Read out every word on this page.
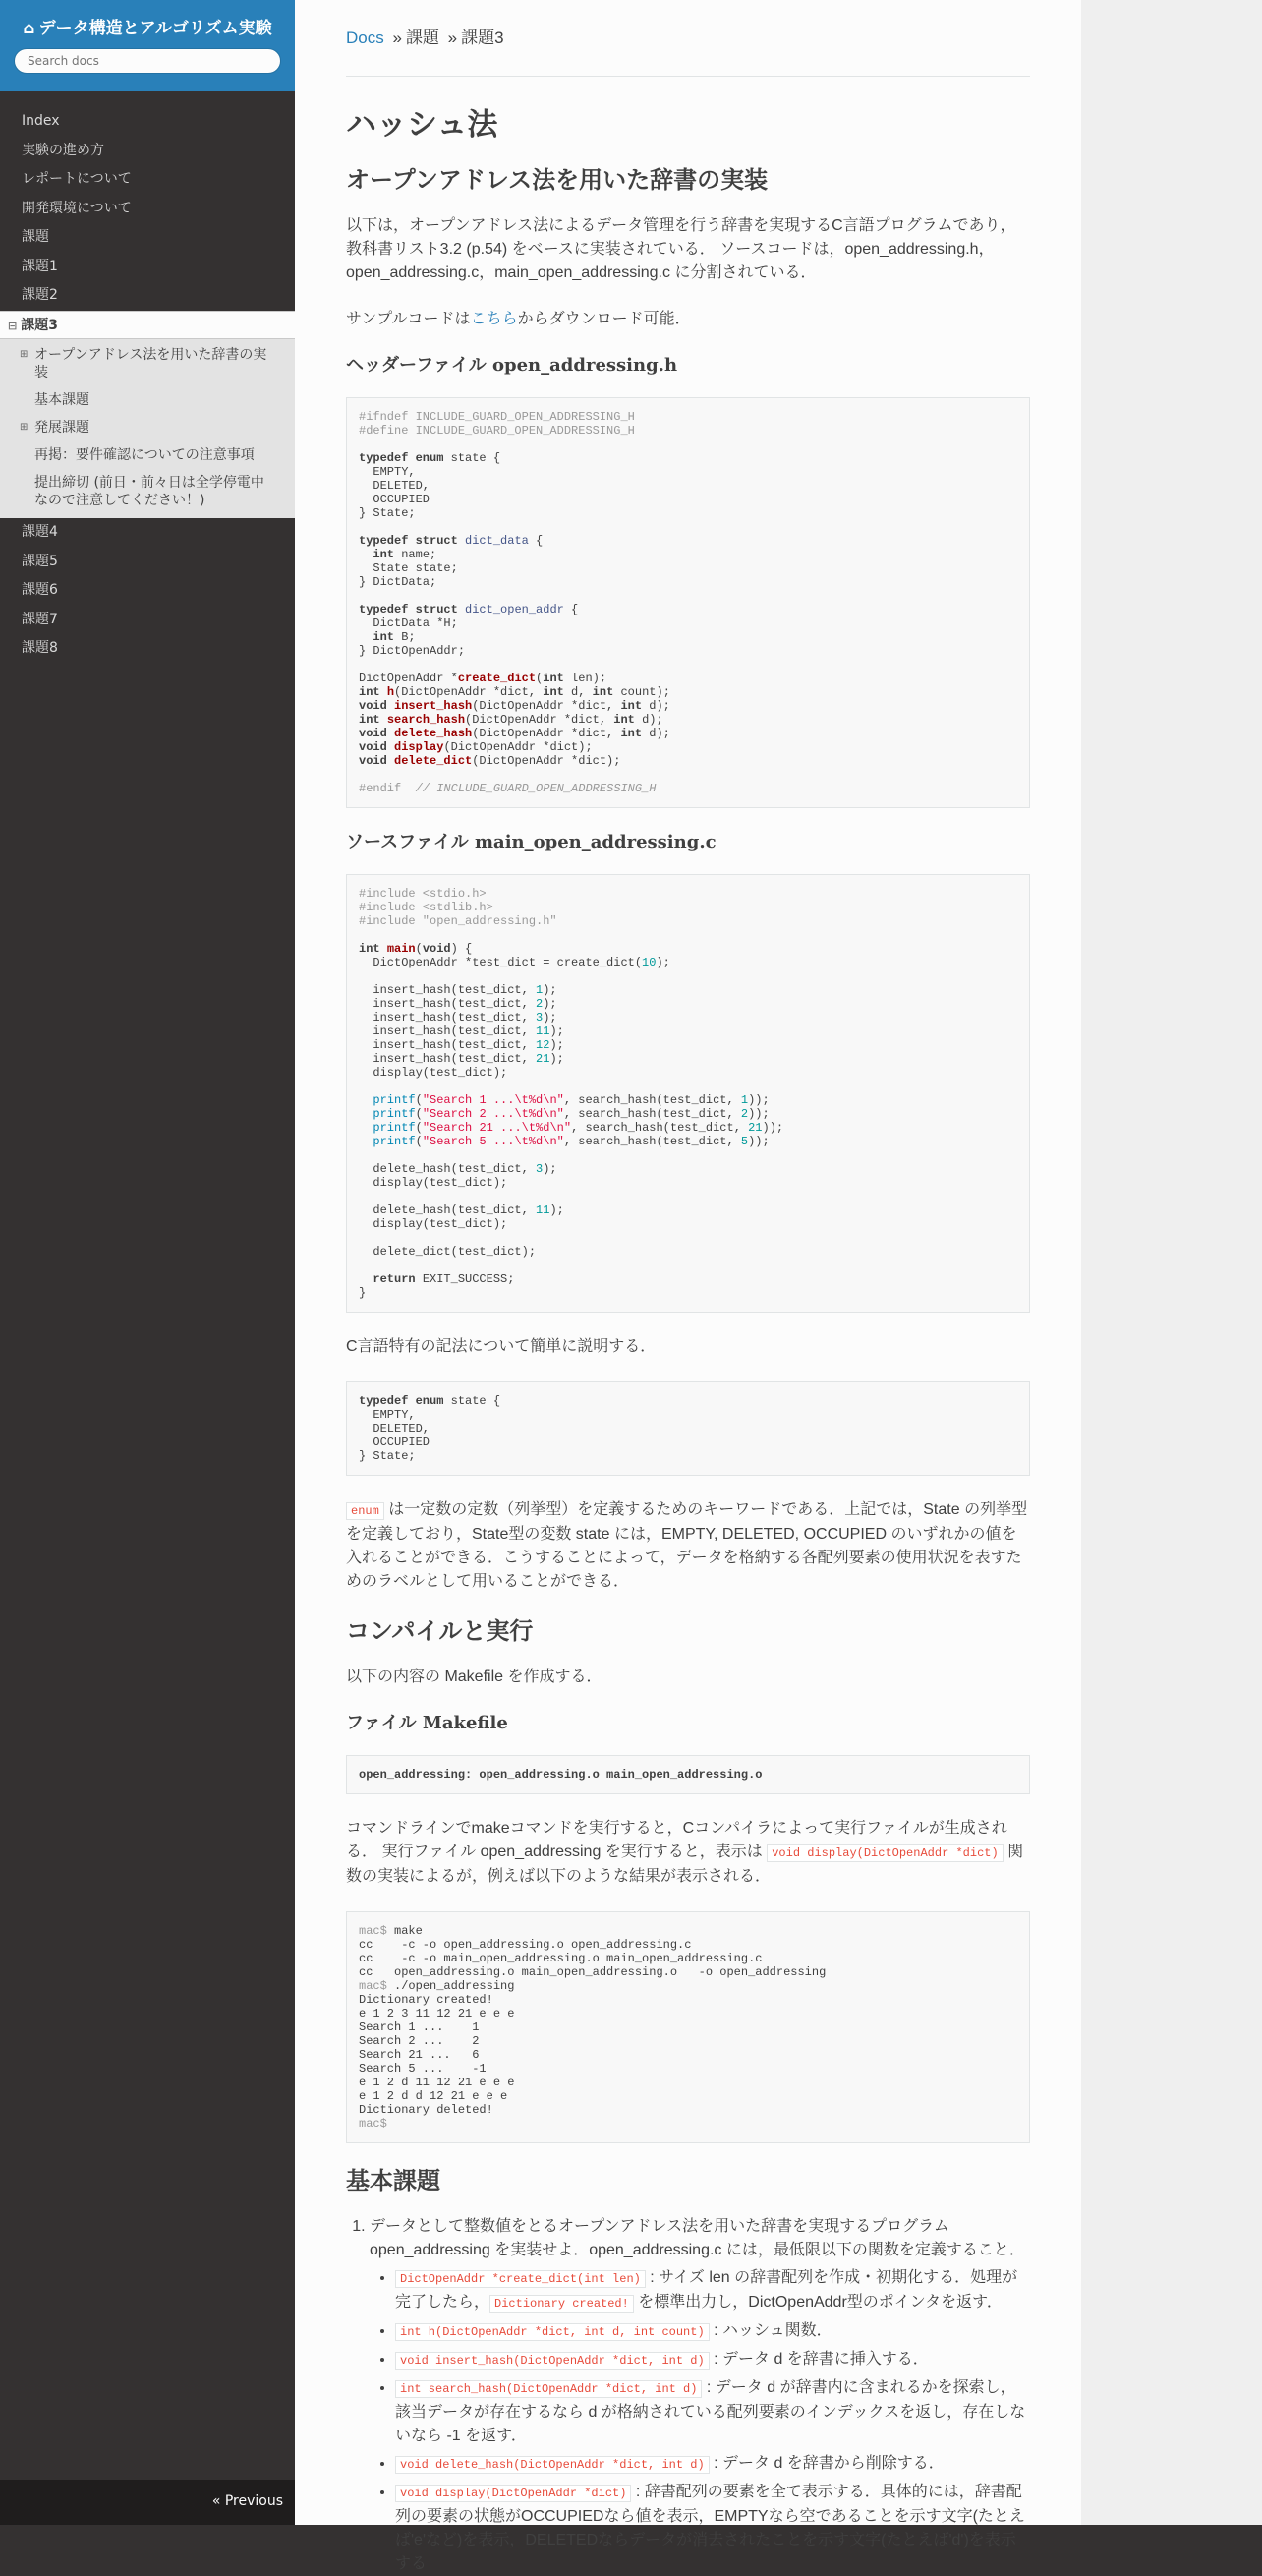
⌂ データ構造とアルゴリズム実験
Search docs
Index
実験の進め方
レポートについて
開発環境について
課題
課題1
課題2
⊟ 課題3
⊞ オープンアドレス法を用いた辞書の実装
基本課題
⊞ 発展課題
再掲：要件確認についての注意事項
提出締切 (前日・前々日は全学停電中なので注意してください！)
課題4
課題5
課題6
課題7
課題8
« Previous
Docs » 課題 » 課題3
ハッシュ法
オープンアドレス法を用いた辞書の実装

以下は，オープンアドレス法によるデータ管理を行う辞書を実現するC言語プログラムであり，教科書リスト3.2 (p.54) をベースに実装されている． ソースコードは，open_addressing.h，open_addressing.c，main_open_addressing.c に分割されている．

サンプルコードはこちらからダウンロード可能．

ヘッダーファイル open_addressing.h
#ifndef INCLUDE_GUARD_OPEN_ADDRESSING_H
#define INCLUDE_GUARD_OPEN_ADDRESSING_H

typedef enum state {
EMPTY,
DELETED,
OCCUPIED
} State;

typedef struct dict_data {
int name;
State state;
} DictData;

typedef struct dict_open_addr {
DictData *H;
int B;
} DictOpenAddr;

DictOpenAddr *create_dict(int len);
int h(DictOpenAddr *dict, int d, int count);
void insert_hash(DictOpenAddr *dict, int d);
int search_hash(DictOpenAddr *dict, int d);
void delete_hash(DictOpenAddr *dict, int d);
void display(DictOpenAddr *dict);
void delete_dict(DictOpenAddr *dict);

#endif // INCLUDE_GUARD_OPEN_ADDRESSING_H
ソースファイル main_open_addressing.c
#include <stdio.h>
#include <stdlib.h>
#include "open_addressing.h"

int main(void) {
DictOpenAddr *test_dict = create_dict(10);

insert_hash(test_dict, 1);
insert_hash(test_dict, 2);
insert_hash(test_dict, 3);
insert_hash(test_dict, 11);
insert_hash(test_dict, 12);
insert_hash(test_dict, 21);
display(test_dict);

printf("Search 1 ...\t%d\n", search_hash(test_dict, 1));
printf("Search 2 ...\t%d\n", search_hash(test_dict, 2));
printf("Search 21 ...\t%d\n", search_hash(test_dict, 21));
printf("Search 5 ...\t%d\n", search_hash(test_dict, 5));

delete_hash(test_dict, 3);
display(test_dict);

delete_hash(test_dict, 11);
display(test_dict);

delete_dict(test_dict);

return EXIT_SUCCESS;
}

C言語特有の記法について簡単に説明する．

typedef enum state {
EMPTY,
DELETED,
OCCUPIED
} State;

enum は一定数の定数（列挙型）を定義するためのキーワードである．上記では，State の列挙型を定義しており，State型の変数 state には，EMPTY, DELETED, OCCUPIED のいずれかの値を入れることができる．こうすることによって，データを格納する各配列要素の使用状況を表すためのラベルとして用いることができる．

コンパイルと実行

以下の内容の Makefile を作成する．

ファイル Makefile
open_addressing: open_addressing.o main_open_addressing.o

コマンドラインでmakeコマンドを実行すると，Cコンパイラによって実行ファイルが生成される． 実行ファイル open_addressing を実行すると，表示は void display(DictOpenAddr *dict) 関数の実装によるが，例えば以下のような結果が表示される．

mac$ make
cc    -c -o open_addressing.o open_addressing.c
cc    -c -o main_open_addressing.o main_open_addressing.c
cc   open_addressing.o main_open_addressing.o   -o open_addressing
mac$ ./open_addressing
Dictionary created!
e 1 2 3 11 12 21 e e e
Search 1 ...    1
Search 2 ...    2
Search 21 ...   6
Search 5 ...    -1
e 1 2 d 11 12 21 e e e
e 1 2 d d 12 21 e e e
Dictionary deleted!
mac$
基本課題
1. データとして整数値をとるオープンアドレス法を用いた辞書を実現するプログラム open_addressing を実装せよ．open_addressing.c には，最低限以下の関数を定義すること．
• DictOpenAddr *create_dict(int len) : サイズ len の辞書配列を作成・初期化する．処理が完了したら， Dictionary created! を標準出力し，DictOpenAddr型のポインタを返す．
• int h(DictOpenAddr *dict, int d, int count) : ハッシュ関数．
• void insert_hash(DictOpenAddr *dict, int d) : データ d を辞書に挿入する．
• int search_hash(DictOpenAddr *dict, int d) : データ d が辞書内に含まれるかを探索し，該当データが存在するなら d が格納されている配列要素のインデックスを返し，存在しないなら -1 を返す．
• void delete_hash(DictOpenAddr *dict, int d) : データ d を辞書から削除する．
• void display(DictOpenAddr *dict) : 辞書配列の要素を全て表示する．具体的には，辞書配列の要素の状態がOCCUPIEDなら値を表示，EMPTYなら空であることを示す文字(たとえば'e'など)を表示，DELETEDならデータが消去されたことを示す文字(たとえば'd')を表示する
